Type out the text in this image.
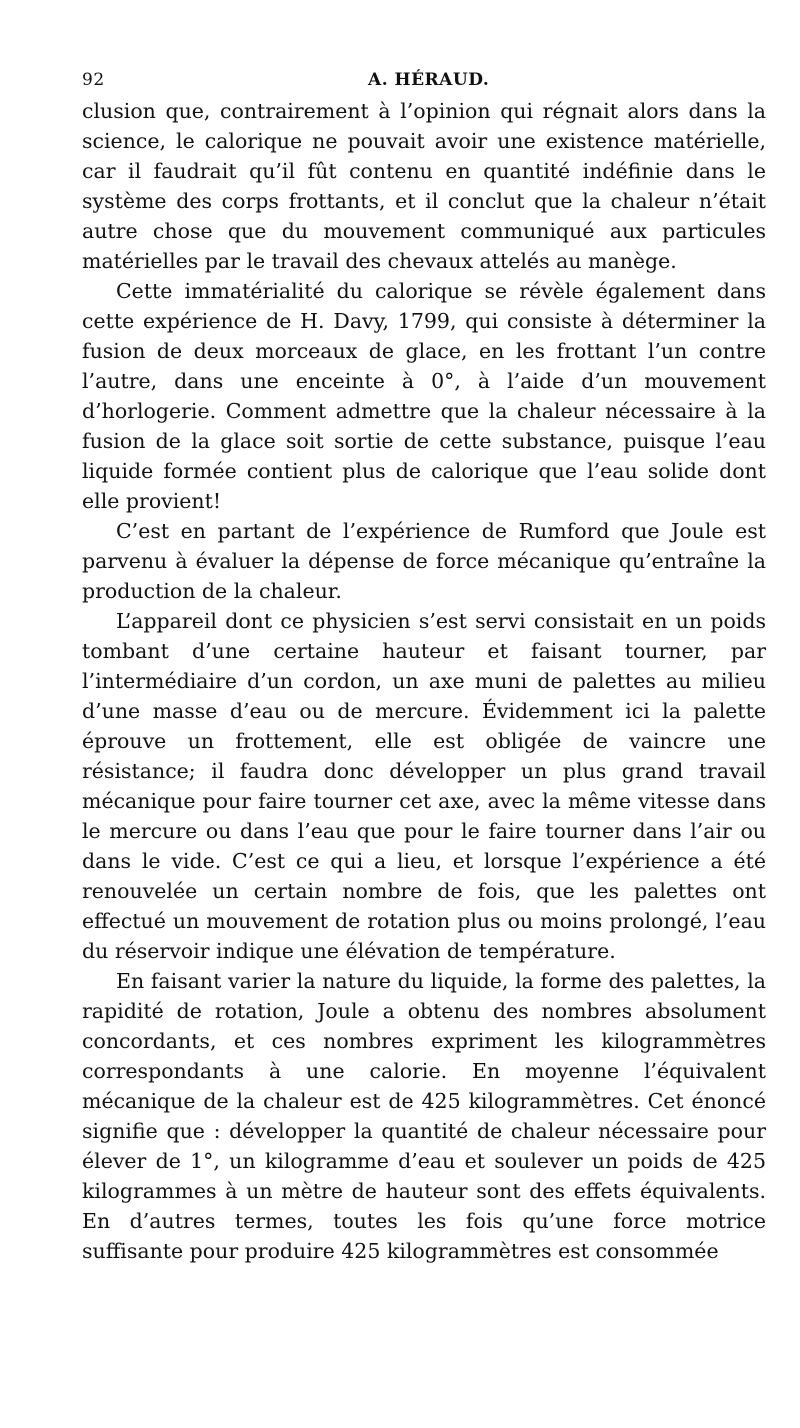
92	A. HÉRAUD.

clusion que, contrairement à l’opinion qui régnait alors dans la science, le calorique ne pouvait avoir une existence matérielle, car il faudrait qu’il fût contenu en quantité indéfinie dans le système des corps frottants, et il conclut que la chaleur n’était autre chose que du mouvement communiqué aux particules matérielles par le travail des chevaux attelés au manège.

Cette immatérialité du calorique se révèle également dans cette expérience de H. Davy, 1799, qui consiste à déterminer la fusion de deux morceaux de glace, en les frottant l’un contre l’autre, dans une enceinte à 0°, à l’aide d’un mouvement d’horlogerie. Comment admettre que la chaleur nécessaire à la fusion de la glace soit sortie de cette substance, puisque l’eau liquide formée contient plus de calorique que l’eau solide dont elle provient!

C’est en partant de l’expérience de Rumford que Joule est parvenu à évaluer la dépense de force mécanique qu’entraîne la production de la chaleur.

L’appareil dont ce physicien s’est servi consistait en un poids tombant d’une certaine hauteur et faisant tourner, par l’intermédiaire d’un cordon, un axe muni de palettes au milieu d’une masse d’eau ou de mercure. Évidemment ici la palette éprouve un frottement, elle est obligée de vaincre une résistance; il faudra donc développer un plus grand travail mécanique pour faire tourner cet axe, avec la même vitesse dans le mercure ou dans l’eau que pour le faire tourner dans l’air ou dans le vide. C’est ce qui a lieu, et lorsque l’expérience a été renouvelée un certain nombre de fois, que les palettes ont effectué un mouvement de rotation plus ou moins prolongé, l’eau du réservoir indique une élévation de température.

En faisant varier la nature du liquide, la forme des palettes, la rapidité de rotation, Joule a obtenu des nombres absolument concordants, et ces nombres expriment les kilogrammètres correspondants à une calorie. En moyenne l’équivalent mécanique de la chaleur est de 425 kilogrammètres. Cet énoncé signifie que : développer la quantité de chaleur nécessaire pour élever de 1°, un kilogramme d’eau et soulever un poids de 425 kilogrammes à un mètre de hauteur sont des effets équivalents. En d’autres termes, toutes les fois qu’une force motrice suffisante pour produire 425 kilogrammètres est consommée
